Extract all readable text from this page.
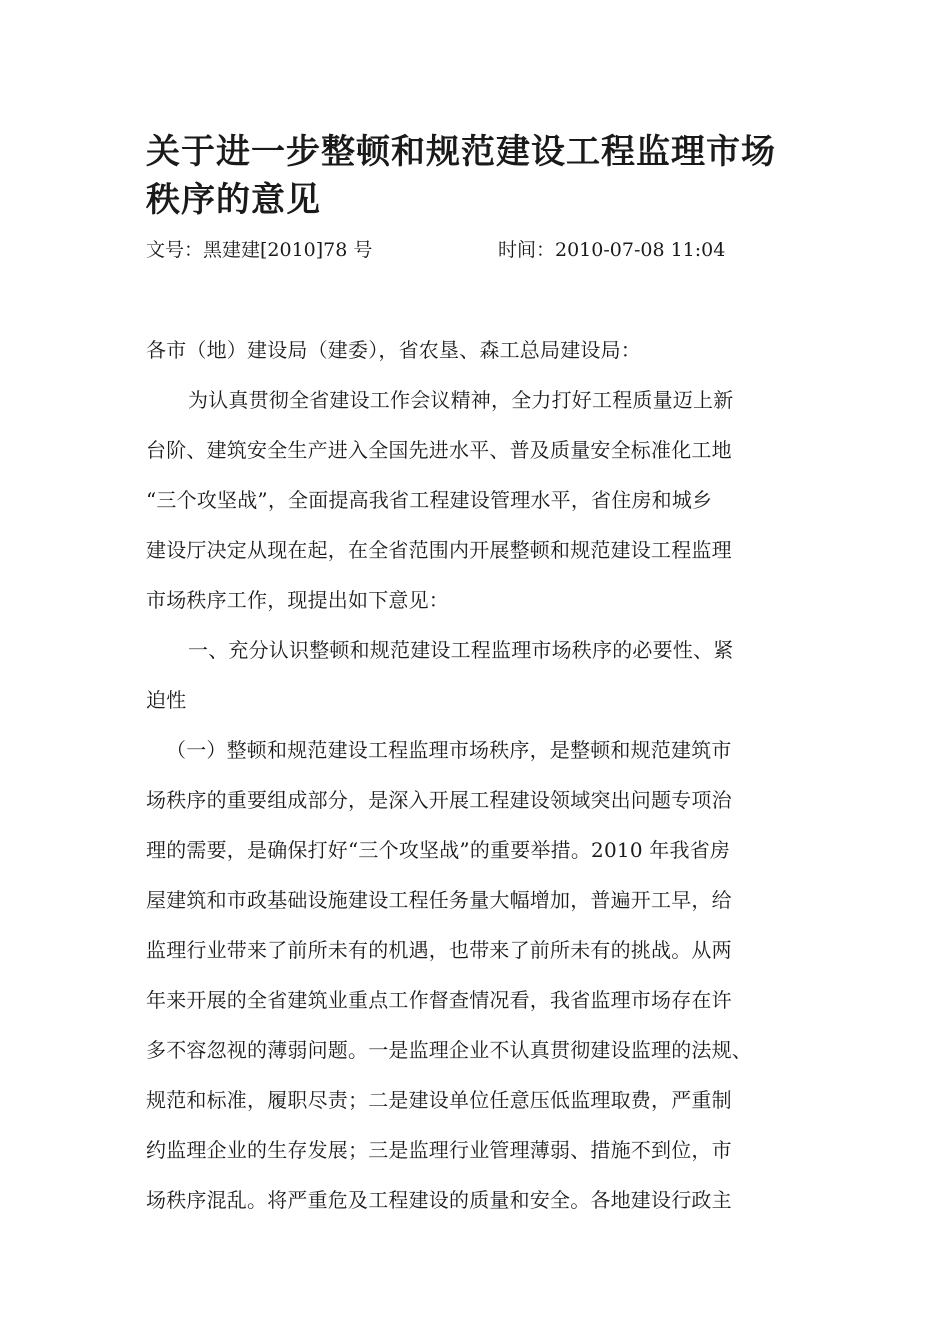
关于进一步整顿和规范建设工程监理市场
秩序的意见
文号：黑建建[2010]78 号	时间：2010-07-08 11:04
各市（地）建设局（建委），省农垦、森工总局建设局：
为认真贯彻全省建设工作会议精神，全力打好工程质量迈上新
台阶、建筑安全生产进入全国先进水平、普及质量安全标准化工地
“三个攻坚战”，全面提高我省工程建设管理水平，省住房和城乡
建设厅决定从现在起，在全省范围内开展整顿和规范建设工程监理
市场秩序工作，现提出如下意见：
一、充分认识整顿和规范建设工程监理市场秩序的必要性、紧
迫性
（一）整顿和规范建设工程监理市场秩序，是整顿和规范建筑市
场秩序的重要组成部分，是深入开展工程建设领域突出问题专项治
理的需要，是确保打好“三个攻坚战”的重要举措。2010 年我省房
屋建筑和市政基础设施建设工程任务量大幅增加，普遍开工早，给
监理行业带来了前所未有的机遇，也带来了前所未有的挑战。从两
年来开展的全省建筑业重点工作督查情况看，我省监理市场存在许
多不容忽视的薄弱问题。一是监理企业不认真贯彻建设监理的法规、
规范和标准，履职尽责；二是建设单位任意压低监理取费，严重制
约监理企业的生存发展；三是监理行业管理薄弱、措施不到位，市
场秩序混乱。将严重危及工程建设的质量和安全。各地建设行政主
